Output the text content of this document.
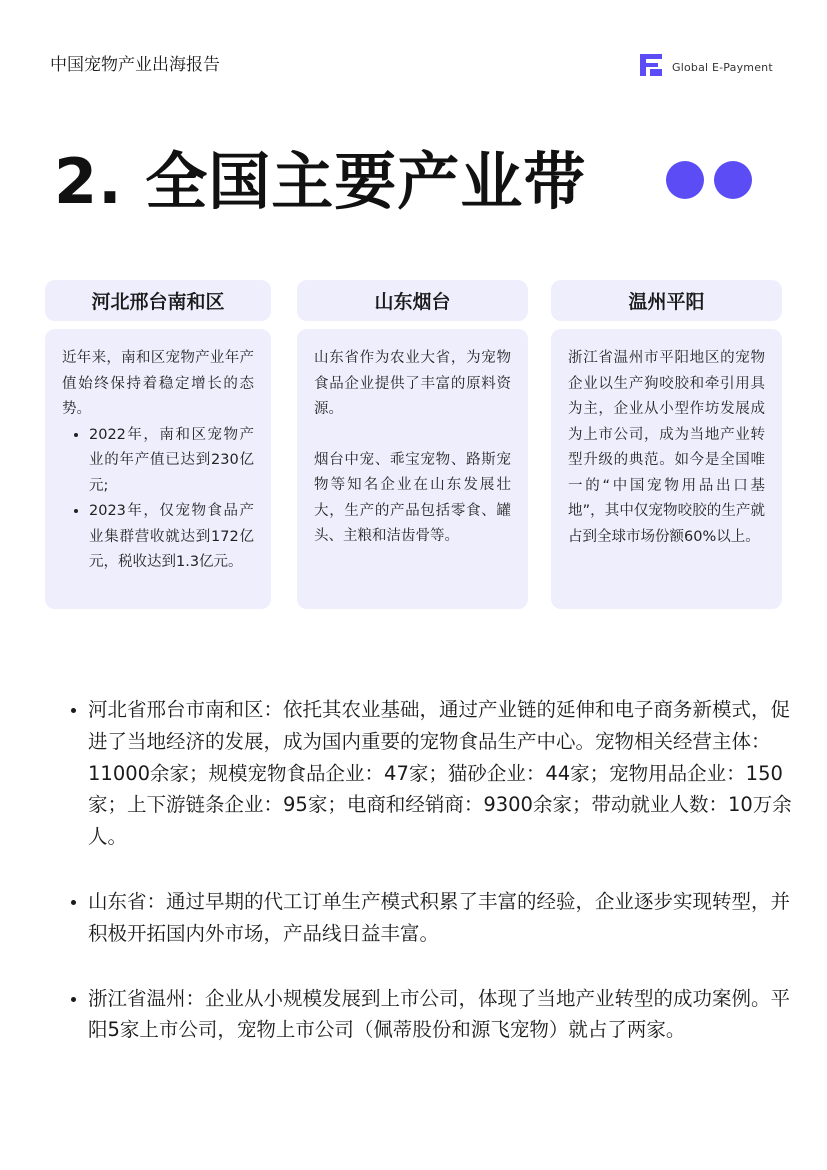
中国宠物产业出海报告	Global E-Payment
2. 全国主要产业带
河北邢台南和区

近年来，南和区宠物产业年产值始终保持着稳定增长的态势。

• 2022年，南和区宠物产业的年产值已达到230亿元;
• 2023年，仅宠物食品产业集群营收就达到172亿元，税收达到1.3亿元。
山东烟台

山东省作为农业大省，为宠物食品企业提供了丰富的原料资源。

烟台中宠、乖宝宠物、路斯宠物等知名企业在山东发展壮大，生产的产品包括零食、罐头、主粮和洁齿骨等。

温州平阳

浙江省温州市平阳地区的宠物企业以生产狗咬胶和牵引用具为主，企业从小型作坊发展成为上市公司，成为当地产业转型升级的典范。如今是全国唯一的“中国宠物用品出口基地”，其中仅宠物咬胶的生产就占到全球市场份额60%以上。

• 河北省邢台市南和区：依托其农业基础，通过产业链的延伸和电子商务新模式，促进了当地经济的发展，成为国内重要的宠物食品生产中心。宠物相关经营主体：11000余家；规模宠物食品企业：47家；猫砂企业：44家；宠物用品企业：150家；上下游链条企业：95家；电商和经销商：9300余家；带动就业人数：10万余人。
• 山东省：通过早期的代工订单生产模式积累了丰富的经验，企业逐步实现转型，并积极开拓国内外市场，产品线日益丰富。
• 浙江省温州：企业从小规模发展到上市公司，体现了当地产业转型的成功案例。平阳5家上市公司，宠物上市公司（佩蒂股份和源飞宠物）就占了两家。
